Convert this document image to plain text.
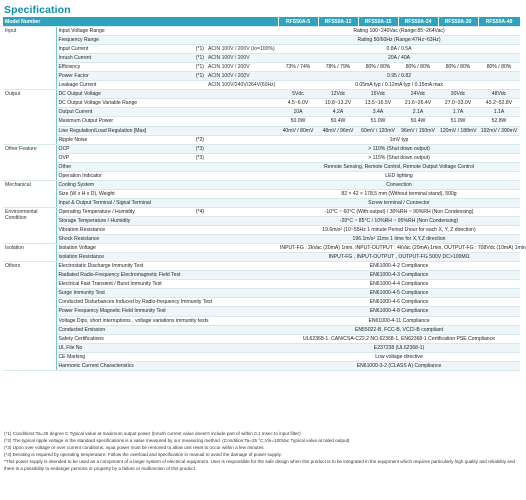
Specification
Model Number				RFS50A-5	RFS50A-12	RFS50A-15	RFS50A-24	RFS50A-30	RFS50A-48
Input	Input Voltage Range			Rating 100~240Vac (Range:85~264Vac)					
	Frequency Range			Rating 50/60Hz (Range:47Hz~63Hz)					
	Input Current	(*1)	ACIN 100V / 200V (Io=100%)	0.8A / 0.5A					
	Inrush Current	(*1)	ACIN 100V / 200V	20A / 40A					
	Efficiency	(*1)	ACIN 100V / 200V	73% / 74%	78% / 79%	80% / 80%	80% / 80%	80% / 80%	80% / 80%
	Power Factor	(*1)	ACIN 100V / 200V	0.95 / 0.82					
	Leakage Current		ACIN 100V/240V/264V(60Hz)	0.05mA typ / 0.12mA typ / 0.15mA max					
Output	DC Output Voltage			5Vdc	12Vdc	15Vdc	24Vdc	30Vdc	48Vdc
	DC Output Voltage Variable Range			4.5~6.0V	10.8~13.2V	13.5~16.5V	21.6~26.4V	27.0~33.0V	43.2~52.8V
	Output Current			10A	4.2A	3.4A	2.1A	1.7A	1.1A
	Maximum Output Power			50.0W	50.4W	51.0W	50.4W	51.0W	52.8W
	Line Regulation/Load Regulation [Max]			40mV / 80mV	48mV / 96mV	60mV / 120mV	96mV / 150mV	120mV / 188mV	192mV / 300mV
	Ripple Noise	(*2)		1mV typ					
Other Feature	OCP	(*3)		> 110% (Shut down output)					
	OVP	(*3)		> 115% (Shut down output)					
	Other			Remote Sensing, Remote Control, Remote Output Voltage Control					
	Operation Indicator			LED lighting					
Mechanical	Cooling System			Convection					
	Size (W x H x D), Weight			82 × 42 × 178.5 mm (Without terminal stand), 500g					
	Input & Output Terminal / Signal Terminal			Screw terminal / Connector					
Environmental Condition	Operating Temperature / Humidity	(*4)		-10°C ~ 60°C (With output) / 30%RH ~ 90%RH (Non Condensing)					
	Storage Temperature / Humidity			-20°C ~ 85°C / 10%RH ~ 95%RH (Non Condensing)					
	Vibration Resistance			19.6m/s² (10~55Hz 1 minute Period 1hour for each X, Y, Z direction)					
	Shock Resistance			196.1m/s² 11ms 1 time for X,Y,Z direction					
Isolation	Isolation Voltage			INPUT-FG : 2kVac (20mA) 1min, INPUT-OUTPUT : 4kVac (20mA) 1min, OUTPUT-FG : 708Vdc (10mA) 1min					
	Isolation Resistance			INPUT-FG , INPUT-OUTPUT , OUTPUT-FG 500V DC>100MΩ					
Others	Electrostatic Discharge Immunity Test			EN61000-4-2 Compliance					
	Radiated Radio-Frequency Electromagnetic Field Test			EN61000-4-3 Compliance					
	Electrical Fast Transient / Burst Immunity Test			EN61000-4-4 Compliance					
	Surge Immunity Test			EN61000-4-5 Compliance					
	Conducted Disturbances Induced by Radio-frequency Immunity Test			EN61000-4-6 Compliance					
	Power Frequency Magnetic Field Immunity Test			EN61000-4-8 Compliance					
	Voltage Dips, short interruptions , voltage variations immunity tests			EN61000-4-11 Compliance					
	Conducted Emission			EN55022-B, FCC-B, VCCI-B compliant					
	Safety Certifications			UL62368-1, CAN/CSA-C22.2 NO.62368-1, EN62368-1 Certification PSE Compliance					
	UL File No			E237238 (UL62368-1)					
	CE Marking			Low voltage directive					
	Harmonic Current Characteristics			EN61000-3-2 (CLASS A) Compliance					
(*1) Conditions:Ta=25 degree C Typical value at maximum output power (Inrush current value doesn't include part of within 0.1 msec to input filter)
(*2) The typical ripple voltage in the standard specifications is a value measured by our measuring method. (Condition:Ta=25 °C,Vin=100Vac Typical value at rated output)
(*3) Upon over voltage or over current conditions, input power must be removed to allow unit reset to occur within a few minutes.
(*4) Derating is required by operating temperature. Follow the overload and specification in manual to avoid the damage of power supply.
*This power supply is intended to be used as a component of a larger system of electrical equipment. User is responsible for the safe design when this product is to be integrated in the equipment which requires particularly high quality and reliability and there is a possibility to endanger persons or property by a failure or malfunction of this product.
